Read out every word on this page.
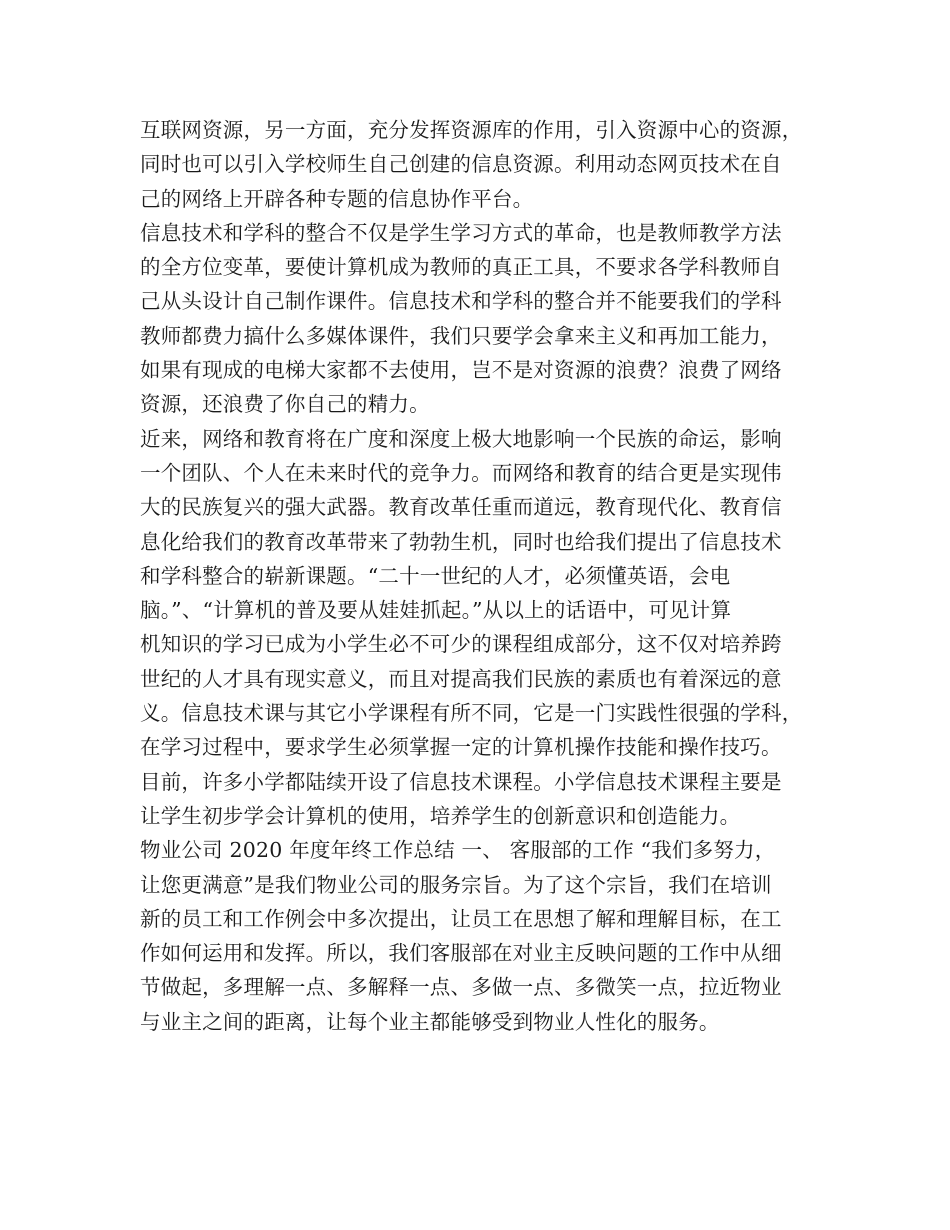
互联网资源，另一方面，充分发挥资源库的作用，引入资源中心的资源，
同时也可以引入学校师生自己创建的信息资源。利用动态网页技术在自
己的网络上开辟各种专题的信息协作平台。
信息技术和学科的整合不仅是学生学习方式的革命，也是教师教学方法
的全方位变革，要使计算机成为教师的真正工具，不要求各学科教师自
己从头设计自己制作课件。信息技术和学科的整合并不能要我们的学科
教师都费力搞什么多媒体课件，我们只要学会拿来主义和再加工能力，
如果有现成的电梯大家都不去使用，岂不是对资源的浪费？浪费了网络
资源，还浪费了你自己的精力。
近来，网络和教育将在广度和深度上极大地影响一个民族的命运，影响
一个团队、个人在未来时代的竞争力。而网络和教育的结合更是实现伟
大的民族复兴的强大武器。教育改革任重而道远，教育现代化、教育信
息化给我们的教育改革带来了勃勃生机，同时也给我们提出了信息技术
和学科整合的崭新课题。“二十一世纪的人才，必须懂英语，会电
脑。”、“计算机的普及要从娃娃抓起。”从以上的话语中，可见计算
机知识的学习已成为小学生必不可少的课程组成部分，这不仅对培养跨
世纪的人才具有现实意义，而且对提高我们民族的素质也有着深远的意
义。信息技术课与其它小学课程有所不同，它是一门实践性很强的学科，
在学习过程中，要求学生必须掌握一定的计算机操作技能和操作技巧。
目前，许多小学都陆续开设了信息技术课程。小学信息技术课程主要是
让学生初步学会计算机的使用，培养学生的创新意识和创造能力。
物业公司 2020 年度年终工作总结 一、 客服部的工作 “我们多努力，
让您更满意”是我们物业公司的服务宗旨。为了这个宗旨，我们在培训
新的员工和工作例会中多次提出，让员工在思想了解和理解目标，在工
作如何运用和发挥。所以，我们客服部在对业主反映问题的工作中从细
节做起，多理解一点、多解释一点、多做一点、多微笑一点，拉近物业
与业主之间的距离，让每个业主都能够受到物业人性化的服务。
